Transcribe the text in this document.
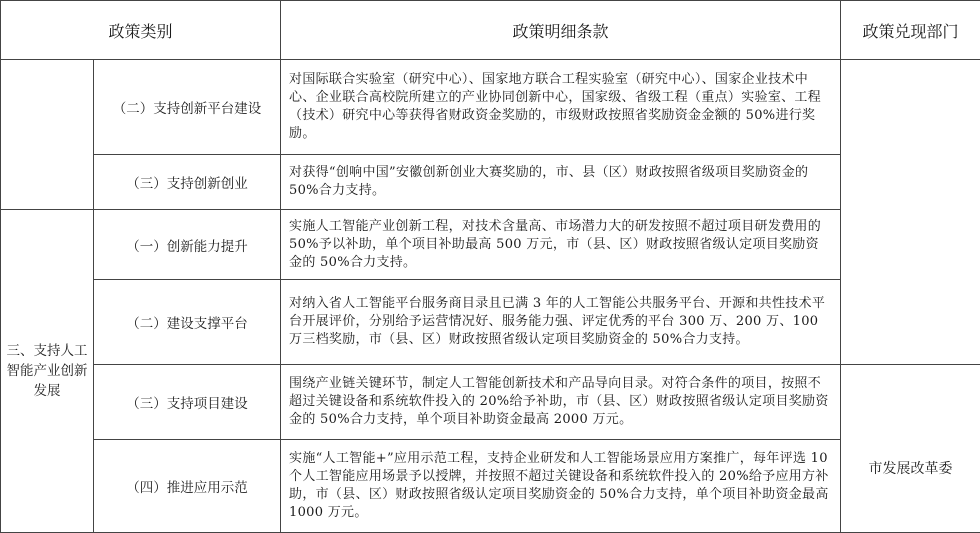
政策类别		政策明细条款	政策兑现部门
	（二）支持创新平台建设	对国际联合实验室（研究中心）、国家地方联合工程实验室（研究中心）、国家企业技术中心、企业联合高校院所建立的产业协同创新中心，国家级、省级工程（重点）实验室、工程（技术）研究中心等获得省财政资金奖励的，市级财政按照省奖励资金金额的 50%进行奖励。	
	（三）支持创新创业	对获得“创响中国”安徽创新创业大赛奖励的，市、县（区）财政按照省级项目奖励资金的 50%合力支持。	
三、支持人工智能产业创新发展	（一）创新能力提升	实施人工智能产业创新工程，对技术含量高、市场潜力大的研发按照不超过项目研发费用的 50%予以补助，单个项目补助最高 500 万元，市（县、区）财政按照省级认定项目奖励资金的 50%合力支持。	
	（二）建设支撑平台	对纳入省人工智能平台服务商目录且已满 3 年的人工智能公共服务平台、开源和共性技术平台开展评价，分别给予运营情况好、服务能力强、评定优秀的平台 300 万、200 万、100 万三档奖励，市（县、区）财政按照省级认定项目奖励资金的 50%合力支持。	
	（三）支持项目建设	围绕产业链关键环节，制定人工智能创新技术和产品导向目录。对符合条件的项目，按照不超过关键设备和系统软件投入的 20%给予补助，市（县、区）财政按照省级认定项目奖励资金的 50%合力支持，单个项目补助资金最高 2000 万元。	市发展改革委
	（四）推进应用示范	实施“人工智能+”应用示范工程，支持企业研发和人工智能场景应用方案推广，每年评选 10 个人工智能应用场景予以授牌，并按照不超过关键设备和系统软件投入的 20%给予应用方补助，市（县、区）财政按照省级认定项目奖励资金的 50%合力支持，单个项目补助资金最高 1000 万元。	
